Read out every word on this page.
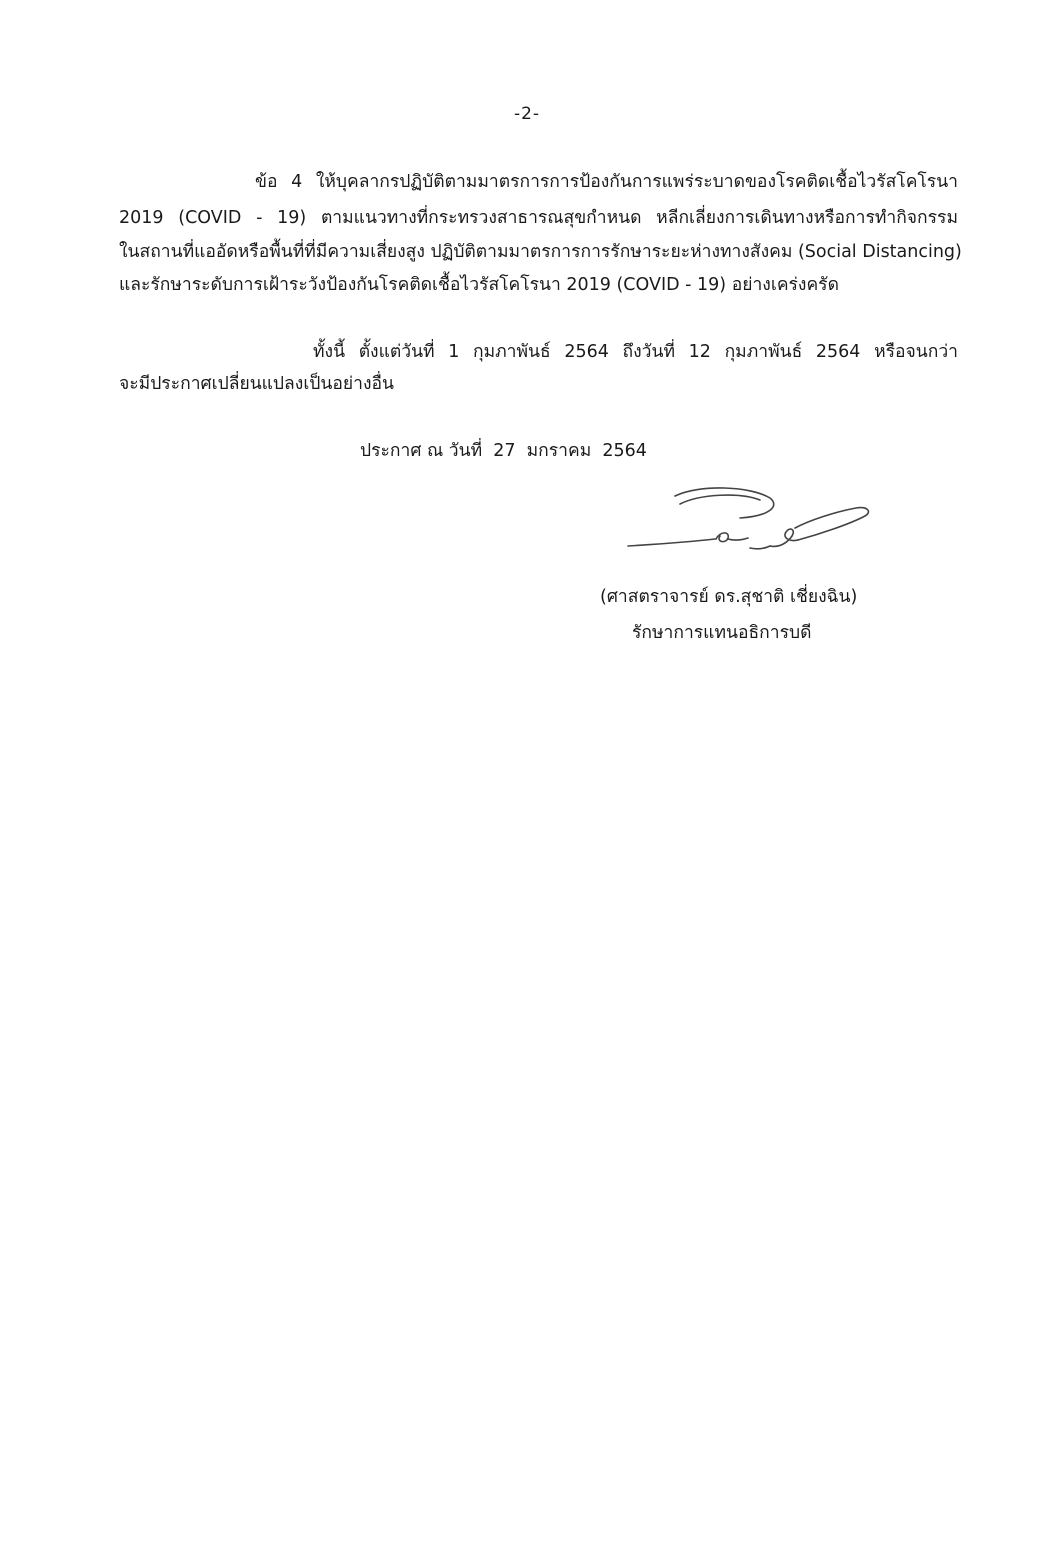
-2-
ข้อ 4 ให้บุคลากรปฏิบัติตามมาตรการการป้องกันการแพร่ระบาดของโรคติดเชื้อไวรัสโคโรนา
2019 (COVID - 19) ตามแนวทางที่กระทรวงสาธารณสุขกำหนด หลีกเลี่ยงการเดินทางหรือการทำกิจกรรม
ในสถานที่แออัดหรือพื้นที่ที่มีความเสี่ยงสูง ปฏิบัติตามมาตรการการรักษาระยะห่างทางสังคม (Social Distancing)
และรักษาระดับการเฝ้าระวังป้องกันโรคติดเชื้อไวรัสโคโรนา 2019 (COVID - 19) อย่างเคร่งครัด
ทั้งนี้ ตั้งแต่วันที่ 1 กุมภาพันธ์ 2564 ถึงวันที่ 12 กุมภาพันธ์ 2564 หรือจนกว่า
จะมีประกาศเปลี่ยนแปลงเป็นอย่างอื่น
ประกาศ ณ วันที่  27  มกราคม  2564
(ศาสตราจารย์ ดร.สุชาติ เชี่ยงฉิน)
รักษาการแทนอธิการบดี
